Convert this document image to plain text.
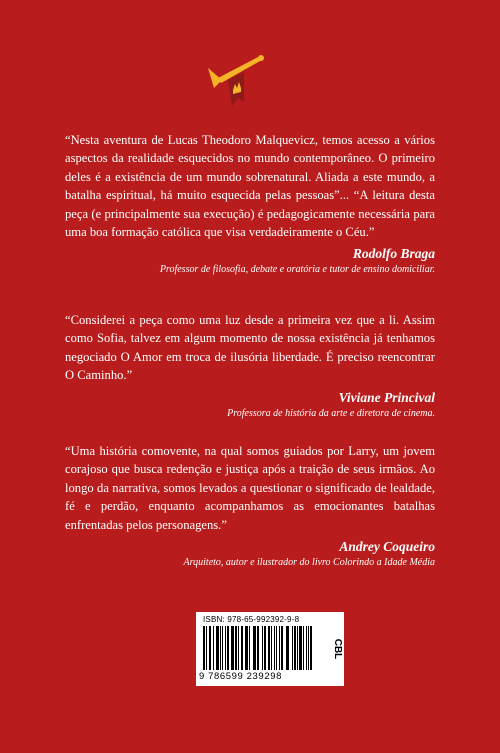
“Nesta aventura de Lucas Theodoro Malquevicz, temos acesso a vários aspectos da realidade esquecidos no mundo contemporâneo. O primeiro deles é a existência de um mundo sobrenatural. Aliada a este mundo, a batalha espiritual, há muito esquecida pelas pessoas”... “A leitura desta peça (e principalmente sua execução) é pedagogicamente necessária para uma boa formação católica que visa verdadeiramente o Céu.”

Rodolfo Braga

Professor de filosofia, debate e oratória e tutor de ensino domiciliar.

“Considerei a peça como uma luz desde a primeira vez que a li. Assim como Sofia, talvez em algum momento de nossa existência já tenhamos negociado O Amor em troca de ilusória liberdade. É preciso reencontrar O Caminho.”

Viviane Princival

Professora de história da arte e diretora de cinema.

“Uma história comovente, na qual somos guiados por Larry, um jovem corajoso que busca redenção e justiça após a traição de seus irmãos. Ao longo da narrativa, somos levados a questionar o significado de lealdade, fé e perdão, enquanto acompanhamos as emocionantes batalhas enfrentadas pelos personagens.”

Andrey Coqueiro

Arquiteto, autor e ilustrador do livro Colorindo a Idade Média

ISBN: 978-65-992392-9-8
9 786599 239298
CBL
